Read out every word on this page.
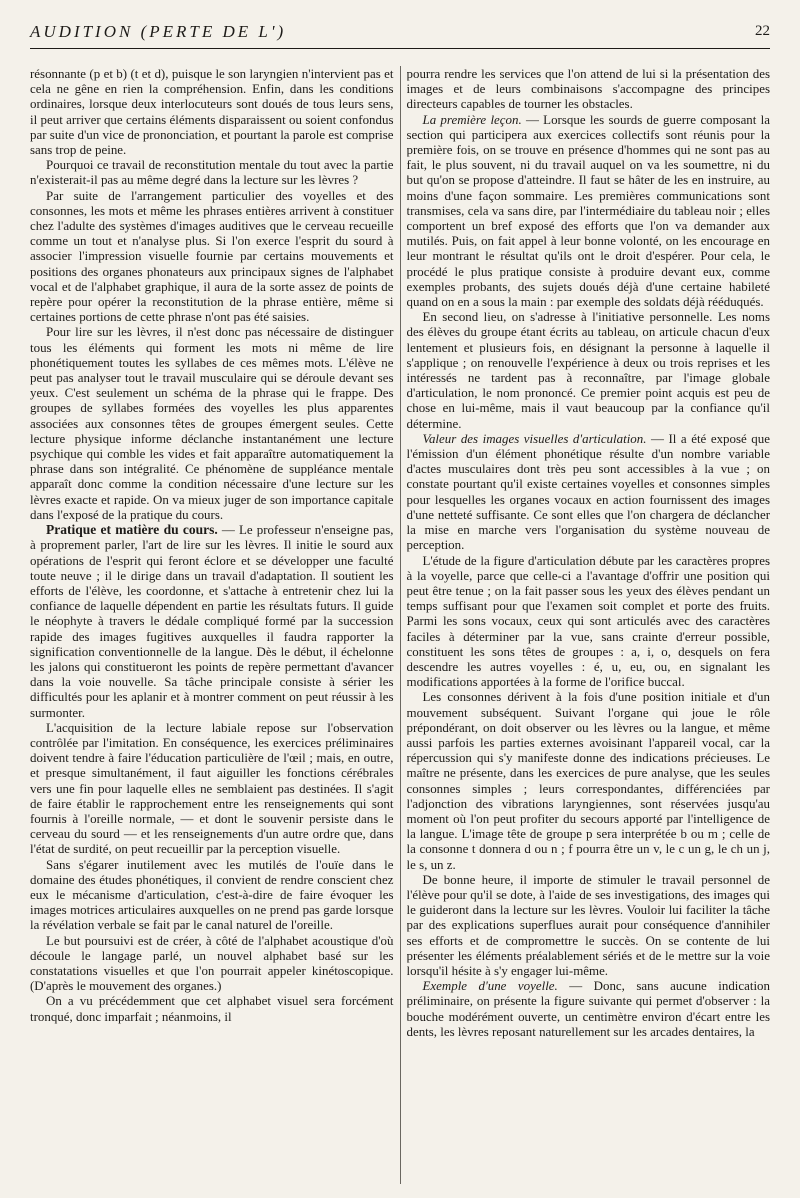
AUDITION (PERTE DE L')	22

résonnante (p et b) (t et d), puisque le son laryngien n'intervient pas et cela ne gêne en rien la compréhension. Enfin, dans les conditions ordinaires, lorsque deux interlocuteurs sont doués de tous leurs sens, il peut arriver que certains éléments disparaissent ou soient confondus par suite d'un vice de prononciation, et pourtant la parole est comprise sans trop de peine.

Pourquoi ce travail de reconstitution mentale du tout avec la partie n'existerait-il pas au même degré dans la lecture sur les lèvres ?

Par suite de l'arrangement particulier des voyelles et des consonnes, les mots et même les phrases entières arrivent à constituer chez l'adulte des systèmes d'images auditives que le cerveau recueille comme un tout et n'analyse plus. Si l'on exerce l'esprit du sourd à associer l'impression visuelle fournie par certains mouvements et positions des organes phonateurs aux principaux signes de l'alphabet vocal et de l'alphabet graphique, il aura de la sorte assez de points de repère pour opérer la reconstitution de la phrase entière, même si certaines portions de cette phrase n'ont pas été saisies.

Pour lire sur les lèvres, il n'est donc pas nécessaire de distinguer tous les éléments qui forment les mots ni même de lire phonétiquement toutes les syllabes de ces mêmes mots. L'élève ne peut pas analyser tout le travail musculaire qui se déroule devant ses yeux. C'est seulement un schéma de la phrase qui le frappe. Des groupes de syllabes formées des voyelles les plus apparentes associées aux consonnes têtes de groupes émergent seules. Cette lecture physique informe déclanche instantanément une lecture psychique qui comble les vides et fait apparaître automatiquement la phrase dans son intégralité. Ce phénomène de suppléance mentale apparaît donc comme la condition nécessaire d'une lecture sur les lèvres exacte et rapide. On va mieux juger de son importance capitale dans l'exposé de la pratique du cours.

Pratique et matière du cours. — Le professeur n'enseigne pas, à proprement parler, l'art de lire sur les lèvres. Il initie le sourd aux opérations de l'esprit qui feront éclore et se développer une faculté toute neuve ; il le dirige dans un travail d'adaptation. Il soutient les efforts de l'élève, les coordonne, et s'attache à entretenir chez lui la confiance de laquelle dépendent en partie les résultats futurs. Il guide le néophyte à travers le dédale compliqué formé par la succession rapide des images fugitives auxquelles il faudra rapporter la signification conventionnelle de la langue. Dès le début, il échelonne les jalons qui constitueront les points de repère permettant d'avancer dans la voie nouvelle. Sa tâche principale consiste à sérier les difficultés pour les aplanir et à montrer comment on peut réussir à les surmonter.

L'acquisition de la lecture labiale repose sur l'observation contrôlée par l'imitation. En conséquence, les exercices préliminaires doivent tendre à faire l'éducation particulière de l'œil ; mais, en outre, et presque simultanément, il faut aiguiller les fonctions cérébrales vers une fin pour laquelle elles ne semblaient pas destinées. Il s'agit de faire établir le rapprochement entre les renseignements qui sont fournis à l'oreille normale, — et dont le souvenir persiste dans le cerveau du sourd — et les renseignements d'un autre ordre que, dans l'état de surdité, on peut recueillir par la perception visuelle.

Sans s'égarer inutilement avec les mutilés de l'ouïe dans le domaine des études phonétiques, il convient de rendre conscient chez eux le mécanisme d'articulation, c'est-à-dire de faire évoquer les images motrices articulaires auxquelles on ne prend pas garde lorsque la révélation verbale se fait par le canal naturel de l'oreille.

Le but poursuivi est de créer, à côté de l'alphabet acoustique d'où découle le langage parlé, un nouvel alphabet basé sur les constatations visuelles et que l'on pourrait appeler kinétoscopique. (D'après le mouvement des organes.)

On a vu précédemment que cet alphabet visuel sera forcément tronqué, donc imparfait ; néanmoins, il

pourra rendre les services que l'on attend de lui si la présentation des images et de leurs combinaisons s'accompagne des principes directeurs capables de tourner les obstacles.

La première leçon. — Lorsque les sourds de guerre composant la section qui participera aux exercices collectifs sont réunis pour la première fois, on se trouve en présence d'hommes qui ne sont pas au fait, le plus souvent, ni du travail auquel on va les soumettre, ni du but qu'on se propose d'atteindre. Il faut se hâter de les en instruire, au moins d'une façon sommaire. Les premières communications sont transmises, cela va sans dire, par l'intermédiaire du tableau noir ; elles comportent un bref exposé des efforts que l'on va demander aux mutilés. Puis, on fait appel à leur bonne volonté, on les encourage en leur montrant le résultat qu'ils ont le droit d'espérer. Pour cela, le procédé le plus pratique consiste à produire devant eux, comme exemples probants, des sujets doués déjà d'une certaine habileté quand on en a sous la main : par exemple des soldats déjà rééduqués.

En second lieu, on s'adresse à l'initiative personnelle. Les noms des élèves du groupe étant écrits au tableau, on articule chacun d'eux lentement et plusieurs fois, en désignant la personne à laquelle il s'applique ; on renouvelle l'expérience à deux ou trois reprises et les intéressés ne tardent pas à reconnaître, par l'image globale d'articulation, le nom prononcé. Ce premier point acquis est peu de chose en lui-même, mais il vaut beaucoup par la confiance qu'il détermine.

Valeur des images visuelles d'articulation. — Il a été exposé que l'émission d'un élément phonétique résulte d'un nombre variable d'actes musculaires dont très peu sont accessibles à la vue ; on constate pourtant qu'il existe certaines voyelles et consonnes simples pour lesquelles les organes vocaux en action fournissent des images d'une netteté suffisante. Ce sont elles que l'on chargera de déclancher la mise en marche vers l'organisation du système nouveau de perception.

L'étude de la figure d'articulation débute par les caractères propres à la voyelle, parce que celle-ci a l'avantage d'offrir une position qui peut être tenue ; on la fait passer sous les yeux des élèves pendant un temps suffisant pour que l'examen soit complet et porte des fruits. Parmi les sons vocaux, ceux qui sont articulés avec des caractères faciles à déterminer par la vue, sans crainte d'erreur possible, constituent les sons têtes de groupes : a, i, o, desquels on fera descendre les autres voyelles : é, u, eu, ou, en signalant les modifications apportées à la forme de l'orifice buccal.

Les consonnes dérivent à la fois d'une position initiale et d'un mouvement subséquent. Suivant l'organe qui joue le rôle prépondérant, on doit observer ou les lèvres ou la langue, et même aussi parfois les parties externes avoisinant l'appareil vocal, car la répercussion qui s'y manifeste donne des indications précieuses. Le maître ne présente, dans les exercices de pure analyse, que les seules consonnes simples ; leurs correspondantes, différenciées par l'adjonction des vibrations laryngiennes, sont réservées jusqu'au moment où l'on peut profiter du secours apporté par l'intelligence de la langue. L'image tête de groupe p sera interprétée b ou m ; celle de la consonne t donnera d ou n ; f pourra être un v, le c un g, le ch un j, le s, un z.

De bonne heure, il importe de stimuler le travail personnel de l'élève pour qu'il se dote, à l'aide de ses investigations, des images qui le guideront dans la lecture sur les lèvres. Vouloir lui faciliter la tâche par des explications superflues aurait pour conséquence d'annihiler ses efforts et de compromettre le succès. On se contente de lui présenter les éléments préalablement sériés et de le mettre sur la voie lorsqu'il hésite à s'y engager lui-même.

Exemple d'une voyelle. — Donc, sans aucune indication préliminaire, on présente la figure suivante qui permet d'observer : la bouche modérément ouverte, un centimètre environ d'écart entre les dents, les lèvres reposant naturellement sur les arcades dentaires, la
